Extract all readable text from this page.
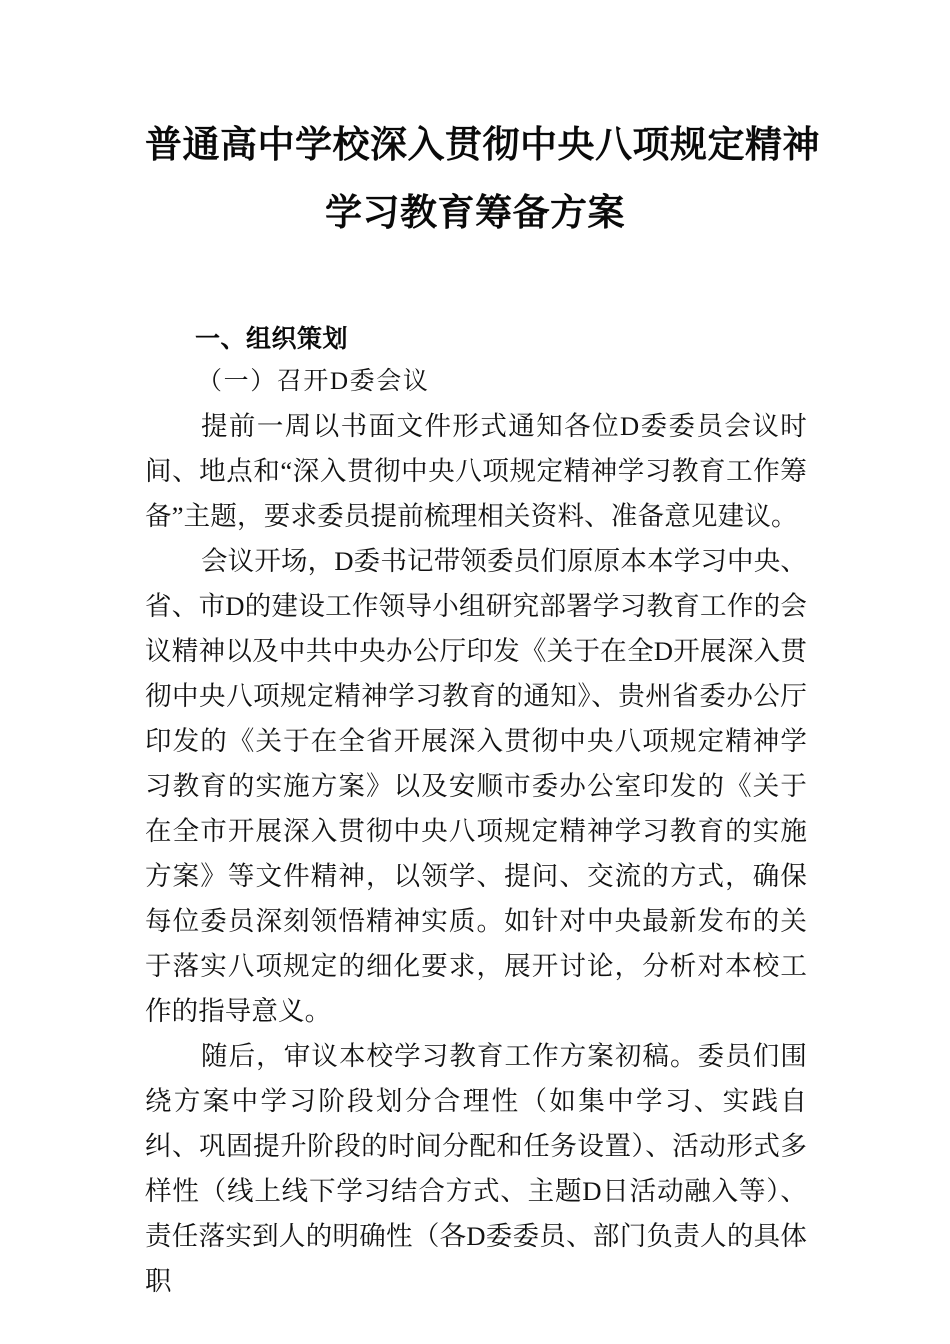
普通高中学校深入贯彻中央八项规定精神
学习教育筹备方案

一、组织策划

（一）召开D委会议

提前一周以书面文件形式通知各位D委委员会议时间、地点和“深入贯彻中央八项规定精神学习教育工作筹备”主题，要求委员提前梳理相关资料、准备意见建议。

会议开场，D委书记带领委员们原原本本学习中央、省、市D的建设工作领导小组研究部署学习教育工作的会议精神以及中共中央办公厅印发《关于在全D开展深入贯彻中央八项规定精神学习教育的通知》、贵州省委办公厅印发的《关于在全省开展深入贯彻中央八项规定精神学习教育的实施方案》以及安顺市委办公室印发的《关于在全市开展深入贯彻中央八项规定精神学习教育的实施方案》等文件精神，以领学、提问、交流的方式，确保每位委员深刻领悟精神实质。如针对中央最新发布的关于落实八项规定的细化要求，展开讨论，分析对本校工作的指导意义。

随后，审议本校学习教育工作方案初稿。委员们围绕方案中学习阶段划分合理性（如集中学习、实践自纠、巩固提升阶段的时间分配和任务设置）、活动形式多样性（线上线下学习结合方式、主题D日活动融入等）、责任落实到人的明确性（各D委委员、部门负责人的具体职
